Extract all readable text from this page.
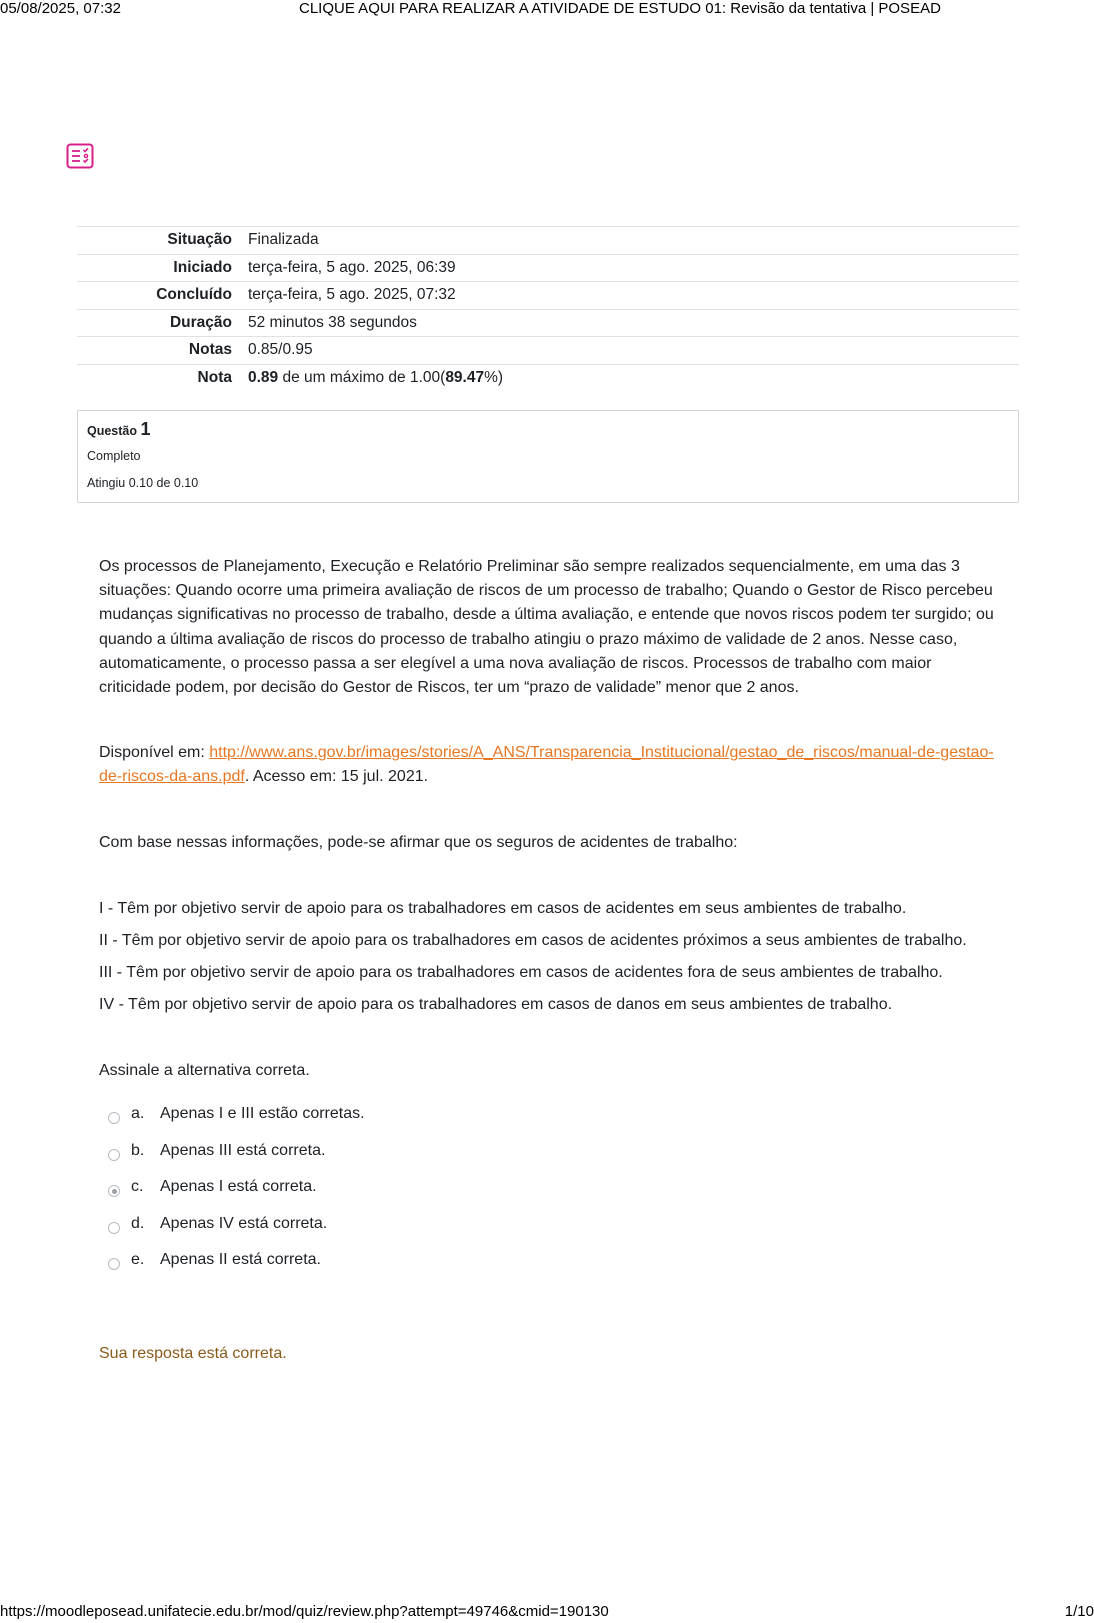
05/08/2025, 07:32	CLIQUE AQUI PARA REALIZAR A ATIVIDADE DE ESTUDO 01: Revisão da tentativa | POSEAD
Situação	Finalizada
Iniciado	terça-feira, 5 ago. 2025, 06:39
Concluído	terça-feira, 5 ago. 2025, 07:32
Duração	52 minutos 38 segundos
Notas	0.85/0.95
Nota	0.89 de um máximo de 1.00(89.47%)
Questão 1
Completo
Atingiu 0.10 de 0.10

Os processos de Planejamento, Execução e Relatório Preliminar são sempre realizados sequencialmente, em uma das 3 situações: Quando ocorre uma primeira avaliação de riscos de um processo de trabalho; Quando o Gestor de Risco percebeu mudanças significativas no processo de trabalho, desde a última avaliação, e entende que novos riscos podem ter surgido; ou quando a última avaliação de riscos do processo de trabalho atingiu o prazo máximo de validade de 2 anos. Nesse caso, automaticamente, o processo passa a ser elegível a uma nova avaliação de riscos. Processos de trabalho com maior criticidade podem, por decisão do Gestor de Riscos, ter um “prazo de validade” menor que 2 anos.

Disponível em: http://www.ans.gov.br/images/stories/A_ANS/Transparencia_Institucional/gestao_de_riscos/manual-de-gestao-de-riscos-da-ans.pdf. Acesso em: 15 jul. 2021.

Com base nessas informações, pode-se afirmar que os seguros de acidentes de trabalho:

I - Têm por objetivo servir de apoio para os trabalhadores em casos de acidentes em seus ambientes de trabalho.

II - Têm por objetivo servir de apoio para os trabalhadores em casos de acidentes próximos a seus ambientes de trabalho.

III - Têm por objetivo servir de apoio para os trabalhadores em casos de acidentes fora de seus ambientes de trabalho.

IV - Têm por objetivo servir de apoio para os trabalhadores em casos de danos em seus ambientes de trabalho.

Assinale a alternativa correta.

a. Apenas I e III estão corretas.
b. Apenas III está correta.
c. Apenas I está correta.
d. Apenas IV está correta.
e. Apenas II está correta.
Sua resposta está correta.
https://moodleposead.unifatecie.edu.br/mod/quiz/review.php?attempt=49746&cmid=190130	1/10
